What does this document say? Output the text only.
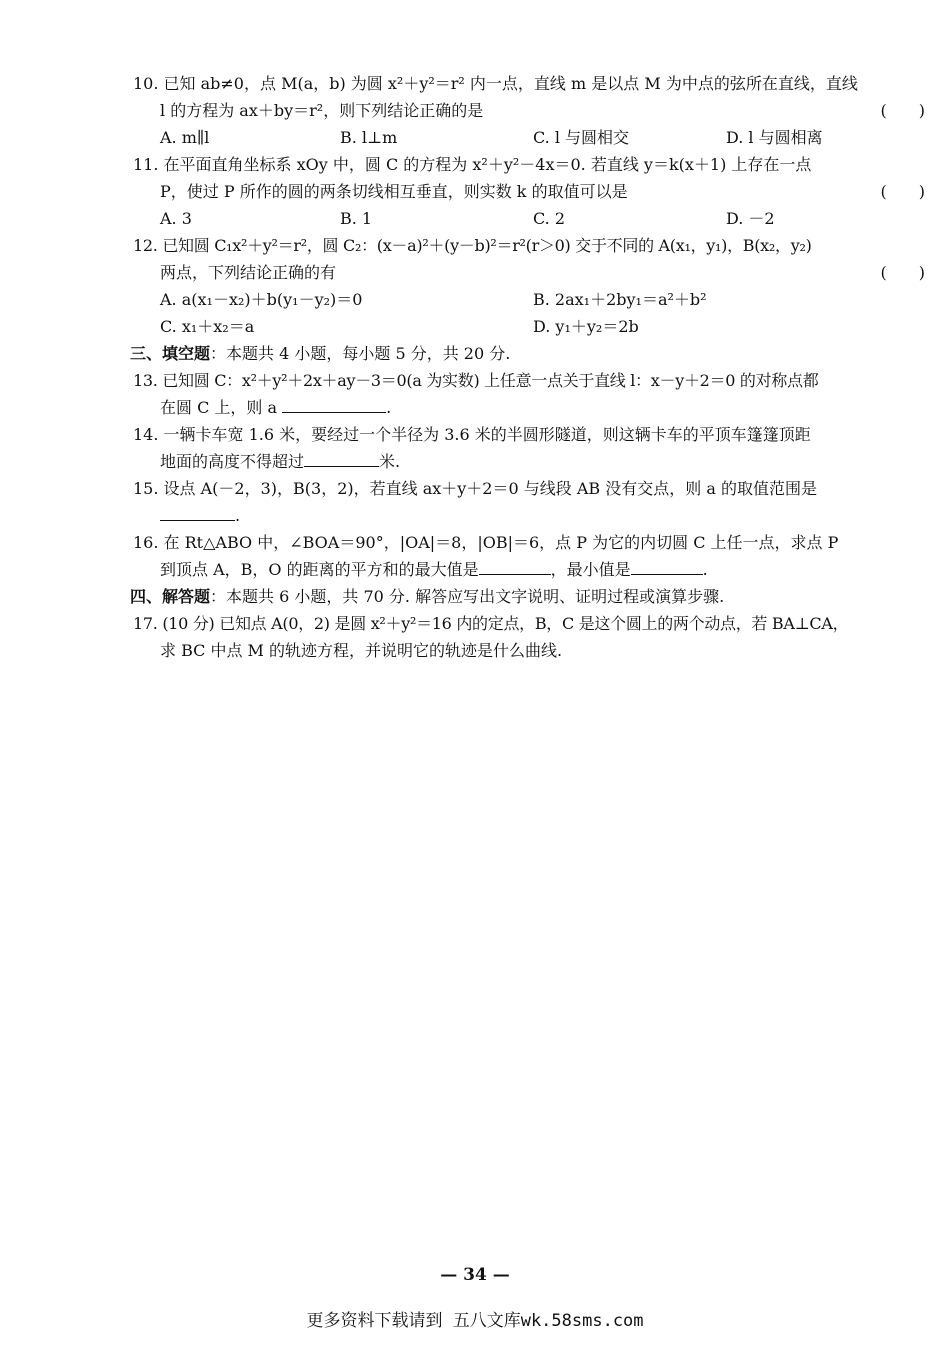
10. 已知 ab≠0，点 M(a，b) 为圆 x²＋y²＝r² 内一点，直线 m 是以点 M 为中点的弦所在直线，直线
l 的方程为 ax＋by＝r²，则下列结论正确的是	(　　)
A. m∥l	B. l⊥m	C. l 与圆相交	D. l 与圆相离
11. 在平面直角坐标系 xOy 中，圆 C 的方程为 x²＋y²－4x＝0. 若直线 y＝k(x＋1) 上存在一点
P，使过 P 所作的圆的两条切线相互垂直，则实数 k 的取值可以是	(　　)
A. 3	B. 1	C. 2	D. －2
12. 已知圆 C₁x²＋y²＝r²，圆 C₂：(x－a)²＋(y－b)²＝r²(r＞0) 交于不同的 A(x₁，y₁)，B(x₂，y₂)
两点，下列结论正确的有	(　　)
A. a(x₁－x₂)＋b(y₁－y₂)＝0	B. 2ax₁＋2by₁＝a²＋b²
C. x₁＋x₂＝a	D. y₁＋y₂＝2b
三、填空题：本题共 4 小题，每小题 5 分，共 20 分.
13. 已知圆 C：x²＋y²＋2x＋ay－3＝0(a 为实数) 上任意一点关于直线 l：x－y＋2＝0 的对称点都
在圆 C 上，则 a	.
14. 一辆卡车宽 1.6 米，要经过一个半径为 3.6 米的半圆形隧道，则这辆卡车的平顶车篷篷顶距
地面的高度不得超过	米.
15. 设点 A(－2，3)，B(3，2)，若直线 ax＋y＋2＝0 与线段 AB 没有交点，则 a 的取值范围是
.
16. 在 Rt△ABO 中，∠BOA＝90°，|OA|＝8，|OB|＝6，点 P 为它的内切圆 C 上任一点，求点 P
到顶点 A，B，O 的距离的平方和的最大值是	，最小值是	.
四、解答题：本题共 6 小题，共 70 分. 解答应写出文字说明、证明过程或演算步骤.
17. (10 分) 已知点 A(0，2) 是圆 x²＋y²＝16 内的定点，B，C 是这个圆上的两个动点，若 BA⊥CA，
求 BC 中点 M 的轨迹方程，并说明它的轨迹是什么曲线.
— 34 —
更多资料下载请到 五八文库wk.58sms.com
